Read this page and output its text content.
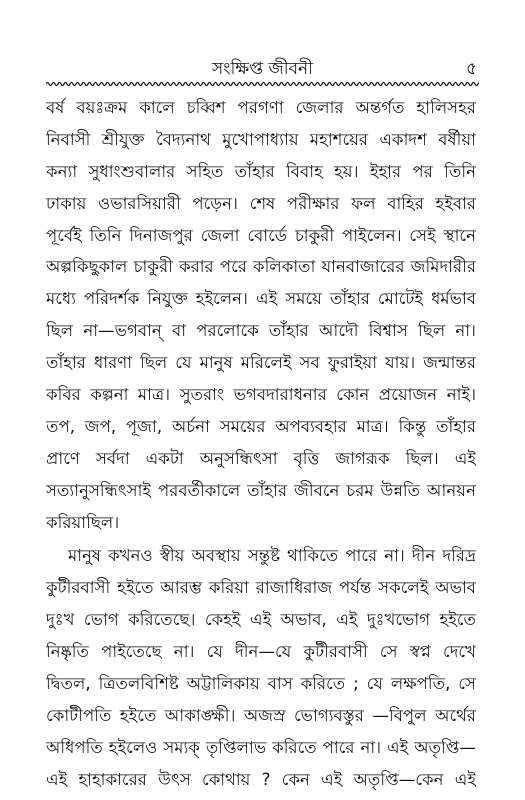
সংক্ষিপ্ত জীবনী	৫
বর্ষ বয়ঃক্রম কালে চব্বিশ পরগণা জেলার অন্তর্গত হালিসহর
নিবাসী শ্রীযুক্ত বৈদ্যনাথ মুখোপাধ্যায় মহাশয়ের একাদশ বর্ষীয়া
কন্যা সুধাংশুবালার সহিত তাঁহার বিবাহ হয়। ইহার পর তিনি
ঢাকায় ওভারসিয়ারী পড়েন। শেষ পরীক্ষার ফল বাহির হইবার
পূর্বেই তিনি দিনাজপুর জেলা বোর্ডে চাকুরী পাইলেন। সেই স্থানে
অল্পকিছুকাল চাকুরী করার পরে কলিকাতা যানবাজারের জমিদারীর
মধ্যে পরিদর্শক নিযুক্ত হইলেন। এই সময়ে তাঁহার মোটেই ধর্মভাব
ছিল না—ভগবান্ বা পরলোকে তাঁহার আদৌ বিশ্বাস ছিল না।
তাঁহার ধারণা ছিল যে মানুষ মরিলেই সব ফুরাইয়া যায়। জন্মান্তর
কবির কল্পনা মাত্র। সুতরাং ভগবদারাধনার কোন প্রয়োজন নাই।
তপ, জপ, পূজা, অর্চনা সময়ের অপব্যবহার মাত্র। কিন্তু তাঁহার
প্রাণে সর্বদা একটা অনুসন্ধিৎসা বৃত্তি জাগরূক ছিল। এই
সত্যানুসন্ধিৎসাই পরবর্তীকালে তাঁহার জীবনে চরম উন্নতি আনয়ন
করিয়াছিল।
মানুষ কখনও স্বীয় অবস্থায় সন্তুষ্ট থাকিতে পারে না। দীন দরিদ্র
কুটীরবাসী হইতে আরম্ভ করিয়া রাজাধিরাজ পর্যন্ত সকলেই অভাব
দুঃখ ভোগ করিতেছে। কেহই এই অভাব, এই দুঃখভোগ হইতে
নিষ্কৃতি পাইতেছে না। যে দীন—যে কুটীরবাসী সে স্বপ্ন দেখে
দ্বিতল, ত্রিতলবিশিষ্ট অট্টালিকায় বাস করিতে ; যে লক্ষপতি, সে
কোটীপতি হইতে আকাঙ্ক্ষী। অজস্র ভোগ্যবস্তুর —বিপুল অর্থের
অধিপতি হইলেও সম্যক্ তৃপ্তিলাভ করিতে পারে না। এই অতৃপ্তি—
এই হাহাকারের উৎস কোথায় ? কেন এই অতৃপ্তি—কেন এই
